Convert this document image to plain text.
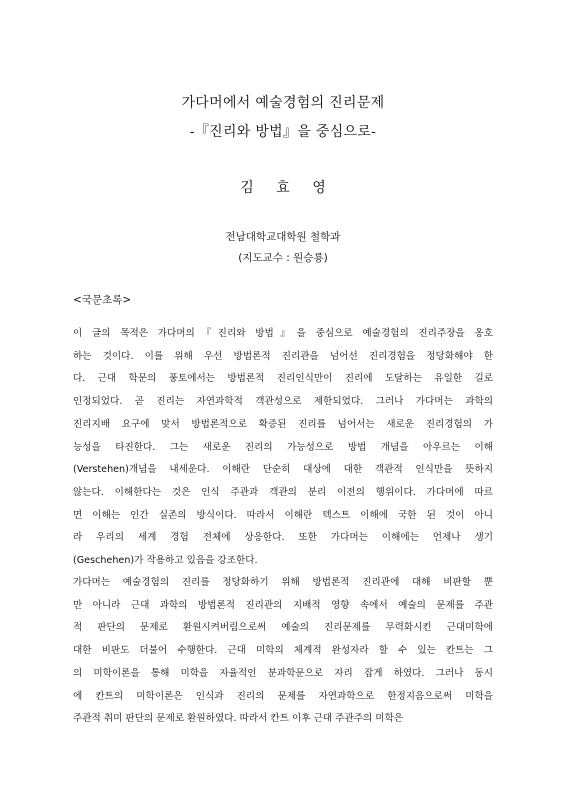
가다머에서 예술경험의 진리문제
-『진리와 방법』을 중심으로-
김 효 영
전남대학교대학원 철학과
(지도교수 : 원승룡)
<국문초록>
이 글의 목적은 가다머의『진리와 방법』을 중심으로 예술경험의 진리주장을 옹호
하는 것이다. 이를 위해 우선 방법론적 진리관을 넘어선 진리경험을 정당화해야 한
다. 근대 학문의 풍토에서는 방법론적 진리인식만이 진리에 도달하는 유일한 길로
인정되었다. 곧 진리는 자연과학적 객관성으로 제한되었다. 그러나 가다머는 과학의
진리지배 요구에 맞서 방법론적으로 확증된 진리를 넘어서는 새로운 진리경험의 가
능성을 타진한다. 그는 새로운 진리의 가능성으로 방법 개념을 아우르는 이해
(Verstehen)개념을 내세운다. 이해란 단순히 대상에 대한 객관적 인식만을 뜻하지
않는다. 이해한다는 것은 인식 주관과 객관의 분리 이전의 행위이다. 가다머에 따르
면 이해는 인간 실존의 방식이다. 따라서 이해란 텍스트 이해에 국한 된 것이 아니
라 우리의 세계 경험 전체에 상응한다. 또한 가다머는 이해에는 언제나 생기
(Geschehen)가 작용하고 있음을 강조한다.
가다머는 예술경험의 진리를 정당화하기 위해 방법론적 진리관에 대해 비판할 뿐
만 아니라 근대 과학의 방법론적 진리관의 지배적 영향 속에서 예술의 문제를 주관
적 판단의 문제로 환원시켜버림으로써 예술의 진리문제를 무력화시킨 근대미학에
대한 비판도 더불어 수행한다. 근대 미학의 체계적 완성자라 할 수 있는 칸트는 그
의 미학이론을 통해 미학을 자율적인 분과학문으로 자리 잡게 하였다. 그러나 동시
에 칸트의 미학이론은 인식과 진리의 문제를 자연과학으로 한정지음으로써 미학을
주관적 취미 판단의 문제로 환원하였다. 따라서 칸트 이후 근대 주관주의 미학은
